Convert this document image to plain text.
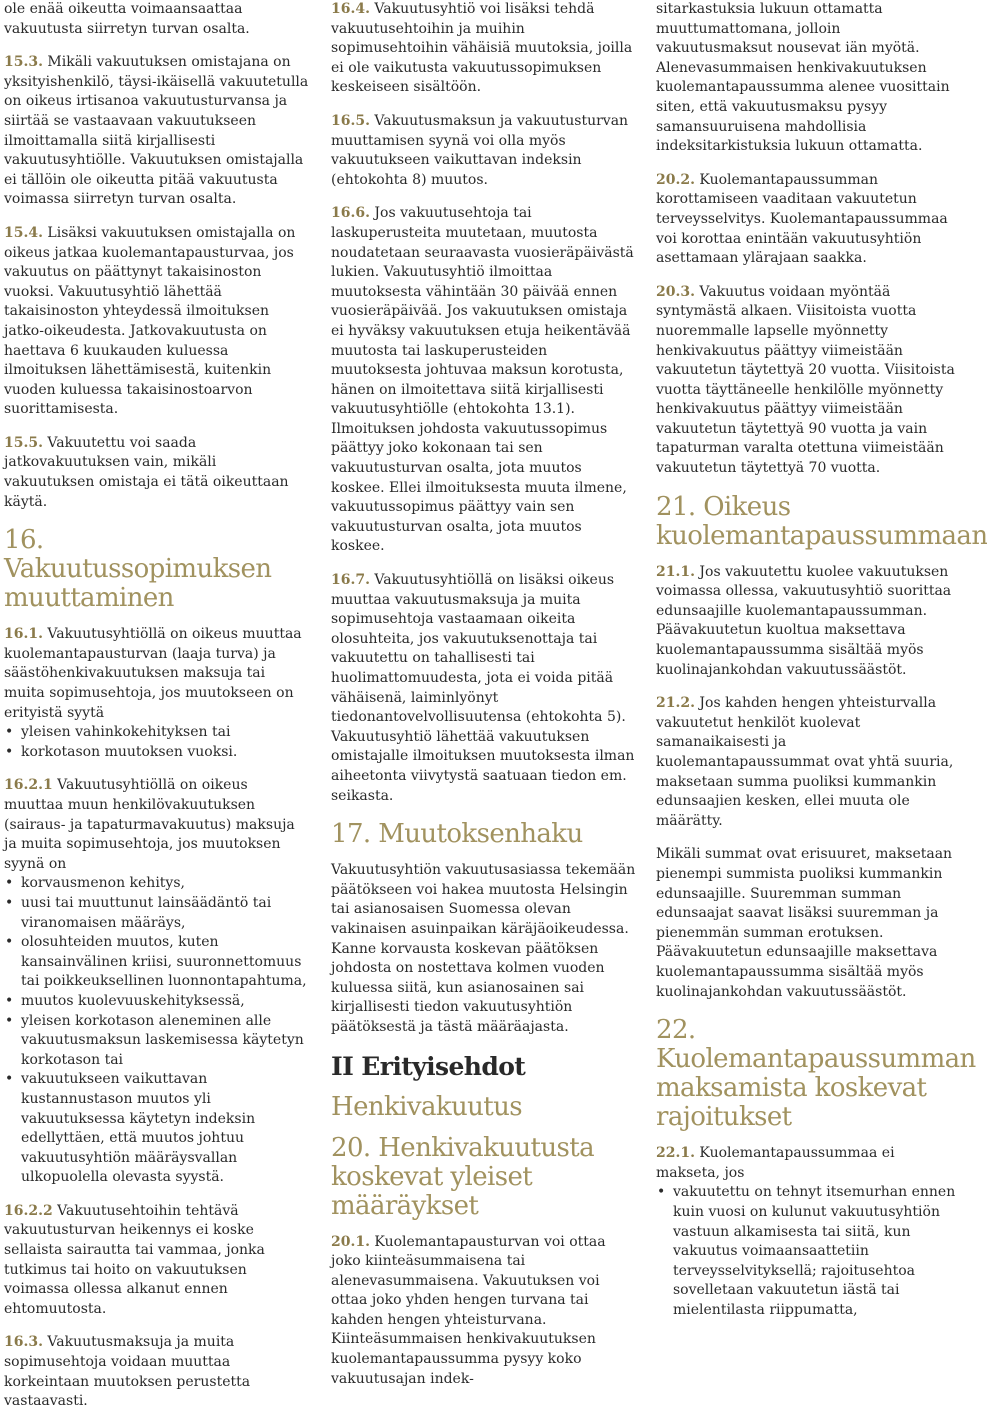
ole enää oikeutta voimaansaattaa vakuutusta siirretyn turvan osalta.

15.3. Mikäli vakuutuksen omistajana on yksityishenkilö, täysi-ikäisellä vakuutetulla on oikeus irtisanoa vakuutusturvansa ja siirtää se vastaavaan vakuutukseen ilmoittamalla siitä kirjallisesti vakuutusyhtiölle. Vakuutuksen omistajalla ei tällöin ole oikeutta pitää vakuutusta voimassa siirretyn turvan osalta.

15.4. Lisäksi vakuutuksen omistajalla on oikeus jatkaa kuolemantapausturvaa, jos vakuutus on päättynyt takaisinoston vuoksi. Vakuutusyhtiö lähettää takaisinoston yhteydessä ilmoituksen jatko-oikeudesta. Jatkovakuutusta on haettava 6 kuukauden kuluessa ilmoituksen lähettämisestä, kuitenkin vuoden kuluessa takaisinostoarvon suorittamisesta.

15.5. Vakuutettu voi saada jatkovakuutuksen vain, mikäli vakuutuksen omistaja ei tätä oikeuttaan käytä.

16. Vakuutussopimuksen muuttaminen

16.1. Vakuutusyhtiöllä on oikeus muuttaa kuolemantapausturvan (laaja turva) ja säästöhenkivakuutuksen maksuja tai muita sopimusehtoja, jos muutokseen on erityistä syytä

• yleisen vahinkokehityksen tai
• korkotason muutoksen vuoksi.

16.2.1 Vakuutusyhtiöllä on oikeus muuttaa muun henkilövakuutuksen (sairaus- ja tapaturmavakuutus) maksuja ja muita sopimusehtoja, jos muutoksen syynä on

• korvausmenon kehitys,
• uusi tai muuttunut lainsäädäntö tai viranomaisen määräys,
• olosuhteiden muutos, kuten kansainvälinen kriisi, suuronnettomuus tai poikkeuksellinen luonnontapahtuma,
• muutos kuolevuuskehityksessä,
• yleisen korkotason aleneminen alle vakuutusmaksun laskemisessa käytetyn korkotason tai
• vakuutukseen vaikuttavan kustannustason muutos yli vakuutuksessa käytetyn indeksin edellyttäen, että muutos johtuu vakuutusyhtiön määräysvallan ulkopuolella olevasta syystä.

16.2.2 Vakuutusehtoihin tehtävä vakuutusturvan heikennys ei koske sellaista sairautta tai vammaa, jonka tutkimus tai hoito on vakuutuksen voimassa ollessa alkanut ennen ehtomuutosta.

16.3. Vakuutusmaksuja ja muita sopimusehtoja voidaan muuttaa korkeintaan muutoksen perustetta vastaavasti.

16.4. Vakuutusyhtiö voi lisäksi tehdä vakuutusehtoihin ja muihin sopimusehtoihin vähäisiä muutoksia, joilla ei ole vaikutusta vakuutussopimuksen keskeiseen sisältöön.

16.5. Vakuutusmaksun ja vakuutusturvan muuttamisen syynä voi olla myös vakuutukseen vaikuttavan indeksin (ehtokohta 8) muutos.

16.6. Jos vakuutusehtoja tai laskuperusteita muutetaan, muutosta noudatetaan seuraavasta vuosieräpäivästä lukien. Vakuutusyhtiö ilmoittaa muutoksesta vähintään 30 päivää ennen vuosieräpäivää. Jos vakuutuksen omistaja ei hyväksy vakuutuksen etuja heikentävää muutosta tai laskuperusteiden muutoksesta johtuvaa maksun korotusta, hänen on ilmoitettava siitä kirjallisesti vakuutusyhtiölle (ehtokohta 13.1). Ilmoituksen johdosta vakuutussopimus päättyy joko kokonaan tai sen vakuutusturvan osalta, jota muutos koskee. Ellei ilmoituksesta muuta ilmene, vakuutussopimus päättyy vain sen vakuutusturvan osalta, jota muutos koskee.

16.7. Vakuutusyhtiöllä on lisäksi oikeus muuttaa vakuutusmaksuja ja muita sopimusehtoja vastaamaan oikeita olosuhteita, jos vakuutuksenottaja tai vakuutettu on tahallisesti tai huolimattomuudesta, jota ei voida pitää vähäisenä, laiminlyönyt tiedonantovelvollisuutensa (ehtokohta 5). Vakuutusyhtiö lähettää vakuutuksen omistajalle ilmoituksen muutoksesta ilman aiheetonta viivytystä saatuaan tiedon em. seikasta.

17. Muutoksenhaku

Vakuutusyhtiön vakuutusasiassa tekemään päätökseen voi hakea muutosta Helsingin tai asianosaisen Suomessa olevan vakinaisen asuinpaikan käräjäoikeudessa. Kanne korvausta koskevan päätöksen johdosta on nostettava kolmen vuoden kuluessa siitä, kun asianosainen sai kirjallisesti tiedon vakuutusyhtiön päätöksestä ja tästä määräajasta.

II Erityisehdot
Henkivakuutus
20. Henkivakuutusta koskevat yleiset määräykset

20.1. Kuolemantapausturvan voi ottaa joko kiinteäsummaisena tai alenevasummaisena. Vakuutuksen voi ottaa joko yhden hengen turvana tai kahden hengen yhteisturvana. Kiinteäsummaisen henkivakuutuksen kuolemantapaussumma pysyy koko vakuutusajan indek-

sitarkastuksia lukuun ottamatta muuttumattomana, jolloin vakuutusmaksut nousevat iän myötä. Alenevasummaisen henkivakuutuksen kuolemantapaussumma alenee vuosittain siten, että vakuutusmaksu pysyy samansuuruisena mahdollisia indeksitarkistuksia lukuun ottamatta.

20.2. Kuolemantapaussumman korottamiseen vaaditaan vakuutetun terveysselvitys. Kuolemantapaussummaa voi korottaa enintään vakuutusyhtiön asettamaan ylärajaan saakka.

20.3. Vakuutus voidaan myöntää syntymästä alkaen. Viisitoista vuotta nuoremmalle lapselle myönnetty henkivakuutus päättyy viimeistään vakuutetun täytettyä 20 vuotta. Viisitoista vuotta täyttäneelle henkilölle myönnetty henkivakuutus päättyy viimeistään vakuutetun täytettyä 90 vuotta ja vain tapaturman varalta otettuna viimeistään vakuutetun täytettyä 70 vuotta.

21. Oikeus kuolemantapaussummaan

21.1. Jos vakuutettu kuolee vakuutuksen voimassa ollessa, vakuutusyhtiö suorittaa edunsaajille kuolemantapaussumman. Päävakuutetun kuoltua maksettava kuolemantapaussumma sisältää myös kuolinajankohdan vakuutussäästöt.

21.2. Jos kahden hengen yhteisturvalla vakuutetut henkilöt kuolevat samanaikaisesti ja kuolemantapaussummat ovat yhtä suuria, maksetaan summa puoliksi kummankin edunsaajien kesken, ellei muuta ole määrätty.

Mikäli summat ovat erisuuret, maksetaan pienempi summista puoliksi kummankin edunsaajille. Suuremman summan edunsaajat saavat lisäksi suuremman ja pienemmän summan erotuksen. Päävakuutetun edunsaajille maksettava kuolemantapaussumma sisältää myös kuolinajankohdan vakuutussäästöt.

22. Kuolemantapaussumman maksamista koskevat rajoitukset

22.1. Kuolemantapaussummaa ei makseta, jos

• vakuutettu on tehnyt itsemurhan ennen kuin vuosi on kulunut vakuutusyhtiön vastuun alkamisesta tai siitä, kun vakuutus voimaansaattetiin terveysselvityksellä; rajoitusehtoa sovelletaan vakuutetun iästä tai mielentilasta riippumatta,
